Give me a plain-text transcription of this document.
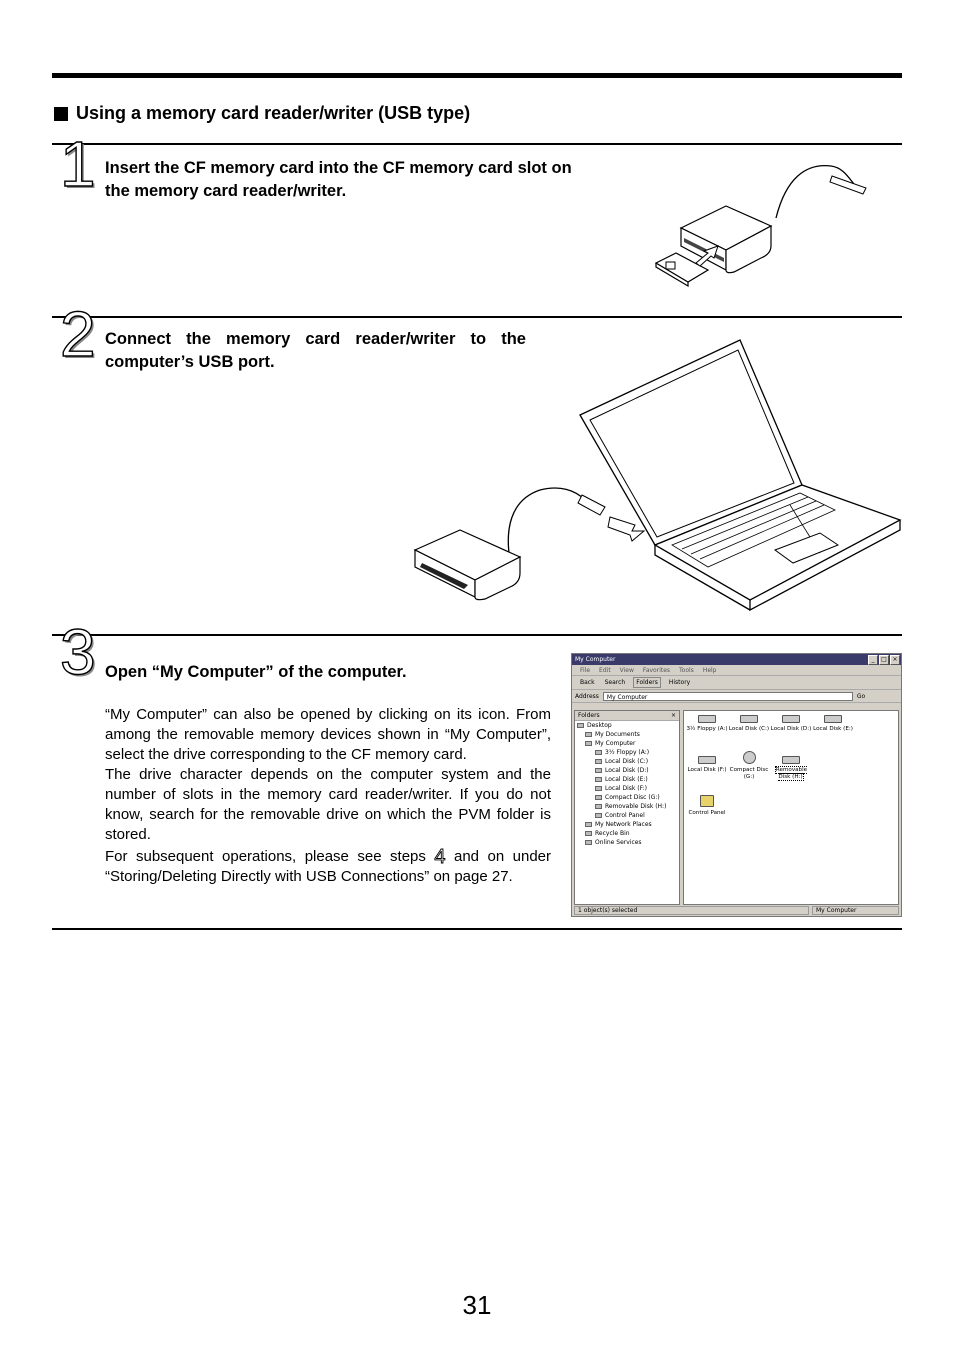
Using a memory card reader/writer (USB type)
1 Insert the CF memory card into the CF memory card slot on the memory card reader/writer.
2 Connect the memory card reader/writer to the computer’s USB port.
3 Open “My Computer” of the computer.

“My Computer” can also be opened by clicking on its icon. From among the removable memory devices shown in “My Computer”, select the drive corresponding to the CF memory card.

The drive character depends on the computer system and the number of slots in the memory card reader/writer. If you do not know, search for the removable drive on which the PVM folder is stored.

For subsequent operations, please see steps 4 and on under “Storing/Deleting Directly with USB Connections” on page 27.

My Computer	_	□ ×
File Edit View Favorites Tools Help
Back	Search	Folders	History
Address	My Computer	Go
Folders	×
Desktop
My Documents
My Computer
3½ Floppy (A:)
Local Disk (C:)
Local Disk (D:)
Local Disk (E:)
Local Disk (F:)
Compact Disc (G:)
Removable Disk (H:)
Control Panel
My Network Places
Recycle Bin
Online Services
3½ Floppy (A:) Local Disk (C:) Local Disk (D:) Local Disk (E:)
Local Disk (F:) Compact Disc (G:)
Removable Disk (H:)
Control Panel
1 object(s) selected	My Computer
31
